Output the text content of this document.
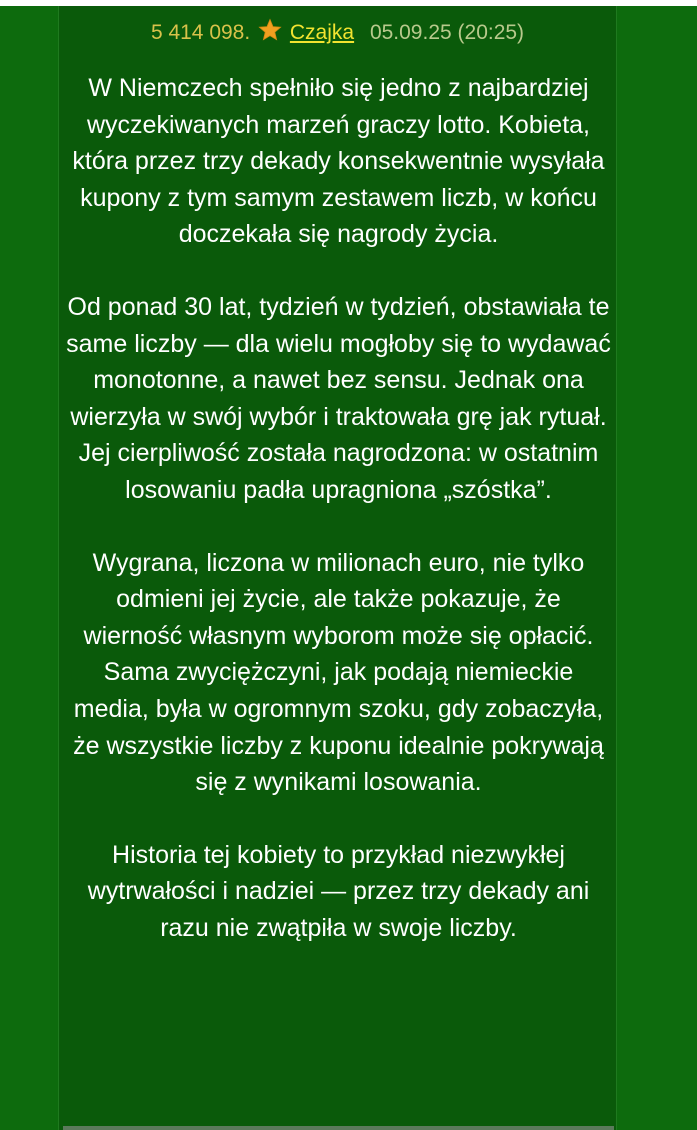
5 414 098. Czajka 05.09.25 (20:25)

W Niemczech spełniło się jedno z najbardziej wyczekiwanych marzeń graczy lotto. Kobieta, która przez trzy dekady konsekwentnie wysyłała kupony z tym samym zestawem liczb, w końcu doczekała się nagrody życia.

Od ponad 30 lat, tydzień w tydzień, obstawiała te same liczby — dla wielu mogłoby się to wydawać monotonne, a nawet bez sensu. Jednak ona wierzyła w swój wybór i traktowała grę jak rytuał. Jej cierpliwość została nagrodzona: w ostatnim losowaniu padła upragniona „szóstka”.

Wygrana, liczona w milionach euro, nie tylko odmieni jej życie, ale także pokazuje, że wierność własnym wyborom może się opłacić. Sama zwyciężczyni, jak podają niemieckie media, była w ogromnym szoku, gdy zobaczyła, że wszystkie liczby z kuponu idealnie pokrywają się z wynikami losowania.

Historia tej kobiety to przykład niezwykłej wytrwałości i nadziei — przez trzy dekady ani razu nie zwątpiła w swoje liczby.
